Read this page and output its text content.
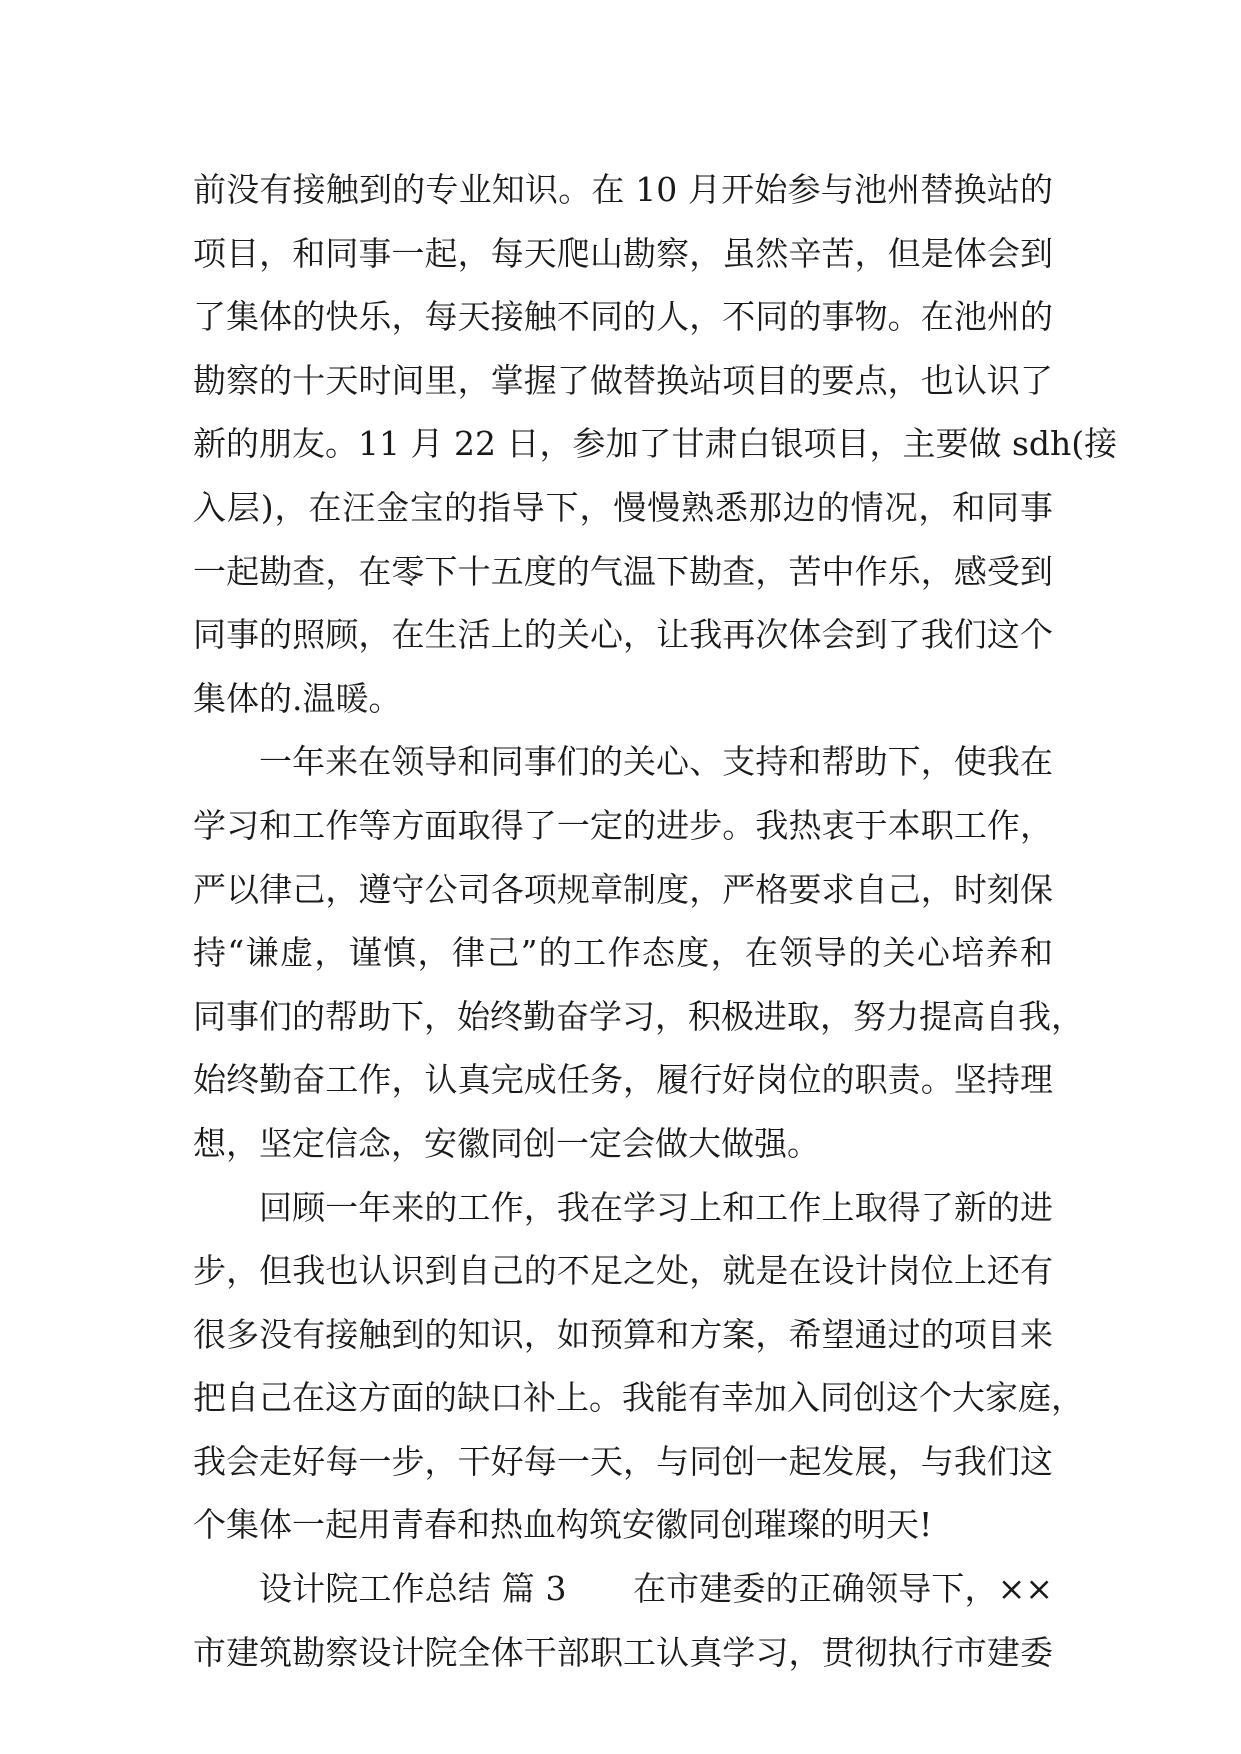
前没有接触到的专业知识。在 10 月开始参与池州替换站的
项目，和同事一起，每天爬山勘察，虽然辛苦，但是体会到
了集体的快乐，每天接触不同的人，不同的事物。在池州的
勘察的十天时间里，掌握了做替换站项目的要点，也认识了
新的朋友。11 月 22 日，参加了甘肃白银项目，主要做 sdh(接
入层)，在汪金宝的指导下，慢慢熟悉那边的情况，和同事
一起勘查，在零下十五度的气温下勘查，苦中作乐，感受到
同事的照顾，在生活上的关心，让我再次体会到了我们这个
集体的.温暖。
一年来在领导和同事们的关心、支持和帮助下，使我在
学习和工作等方面取得了一定的进步。我热衷于本职工作，
严以律己，遵守公司各项规章制度，严格要求自己，时刻保
持“谦虚，谨慎，律己”的工作态度，在领导的关心培养和
同事们的帮助下，始终勤奋学习，积极进取，努力提高自我，
始终勤奋工作，认真完成任务，履行好岗位的职责。坚持理
想，坚定信念，安徽同创一定会做大做强。
回顾一年来的工作，我在学习上和工作上取得了新的进
步，但我也认识到自己的不足之处，就是在设计岗位上还有
很多没有接触到的知识，如预算和方案，希望通过的项目来
把自己在这方面的缺口补上。我能有幸加入同创这个大家庭，
我会走好每一步，干好每一天，与同创一起发展，与我们这
个集体一起用青春和热血构筑安徽同创璀璨的明天!
设计院工作总结 篇 3　　在市建委的正确领导下，××
市建筑勘察设计院全体干部职工认真学习，贯彻执行市建委
